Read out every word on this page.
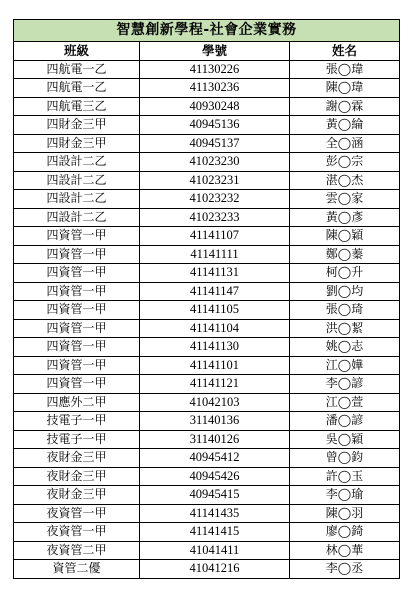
智慧創新學程-社會企業實務		
班級	學號	姓名
四航電一乙	41130226	張◯瑋
四航電一乙	41130236	陳◯瑋
四航電三乙	40930248	謝◯霖
四財金三甲	40945136	黃◯綸
四財金三甲	40945137	全◯涵
四設計二乙	41023230	彭◯宗
四設計二乙	41023231	湛◯杰
四設計二乙	41023232	雲◯家
四設計二乙	41023233	黃◯彥
四資管一甲	41141107	陳◯穎
四資管一甲	41141111	鄭◯蓁
四資管一甲	41141131	柯◯升
四資管一甲	41141147	劉◯均
四資管一甲	41141105	張◯琦
四資管一甲	41141104	洪◯絜
四資管一甲	41141130	姚◯志
四資管一甲	41141101	江◯嬅
四資管一甲	41141121	李◯諺
四應外二甲	41042103	江◯萱
技電子一甲	31140136	潘◯諺
技電子一甲	31140126	吳◯穎
夜財金三甲	40945412	曾◯鈞
夜財金三甲	40945426	許◯玉
夜財金三甲	40945415	李◯瑜
夜資管一甲	41141435	陳◯羽
夜資管一甲	41141415	廖◯錡
夜資管二甲	41041411	林◯華
資管二優	41041216	李◯丞
